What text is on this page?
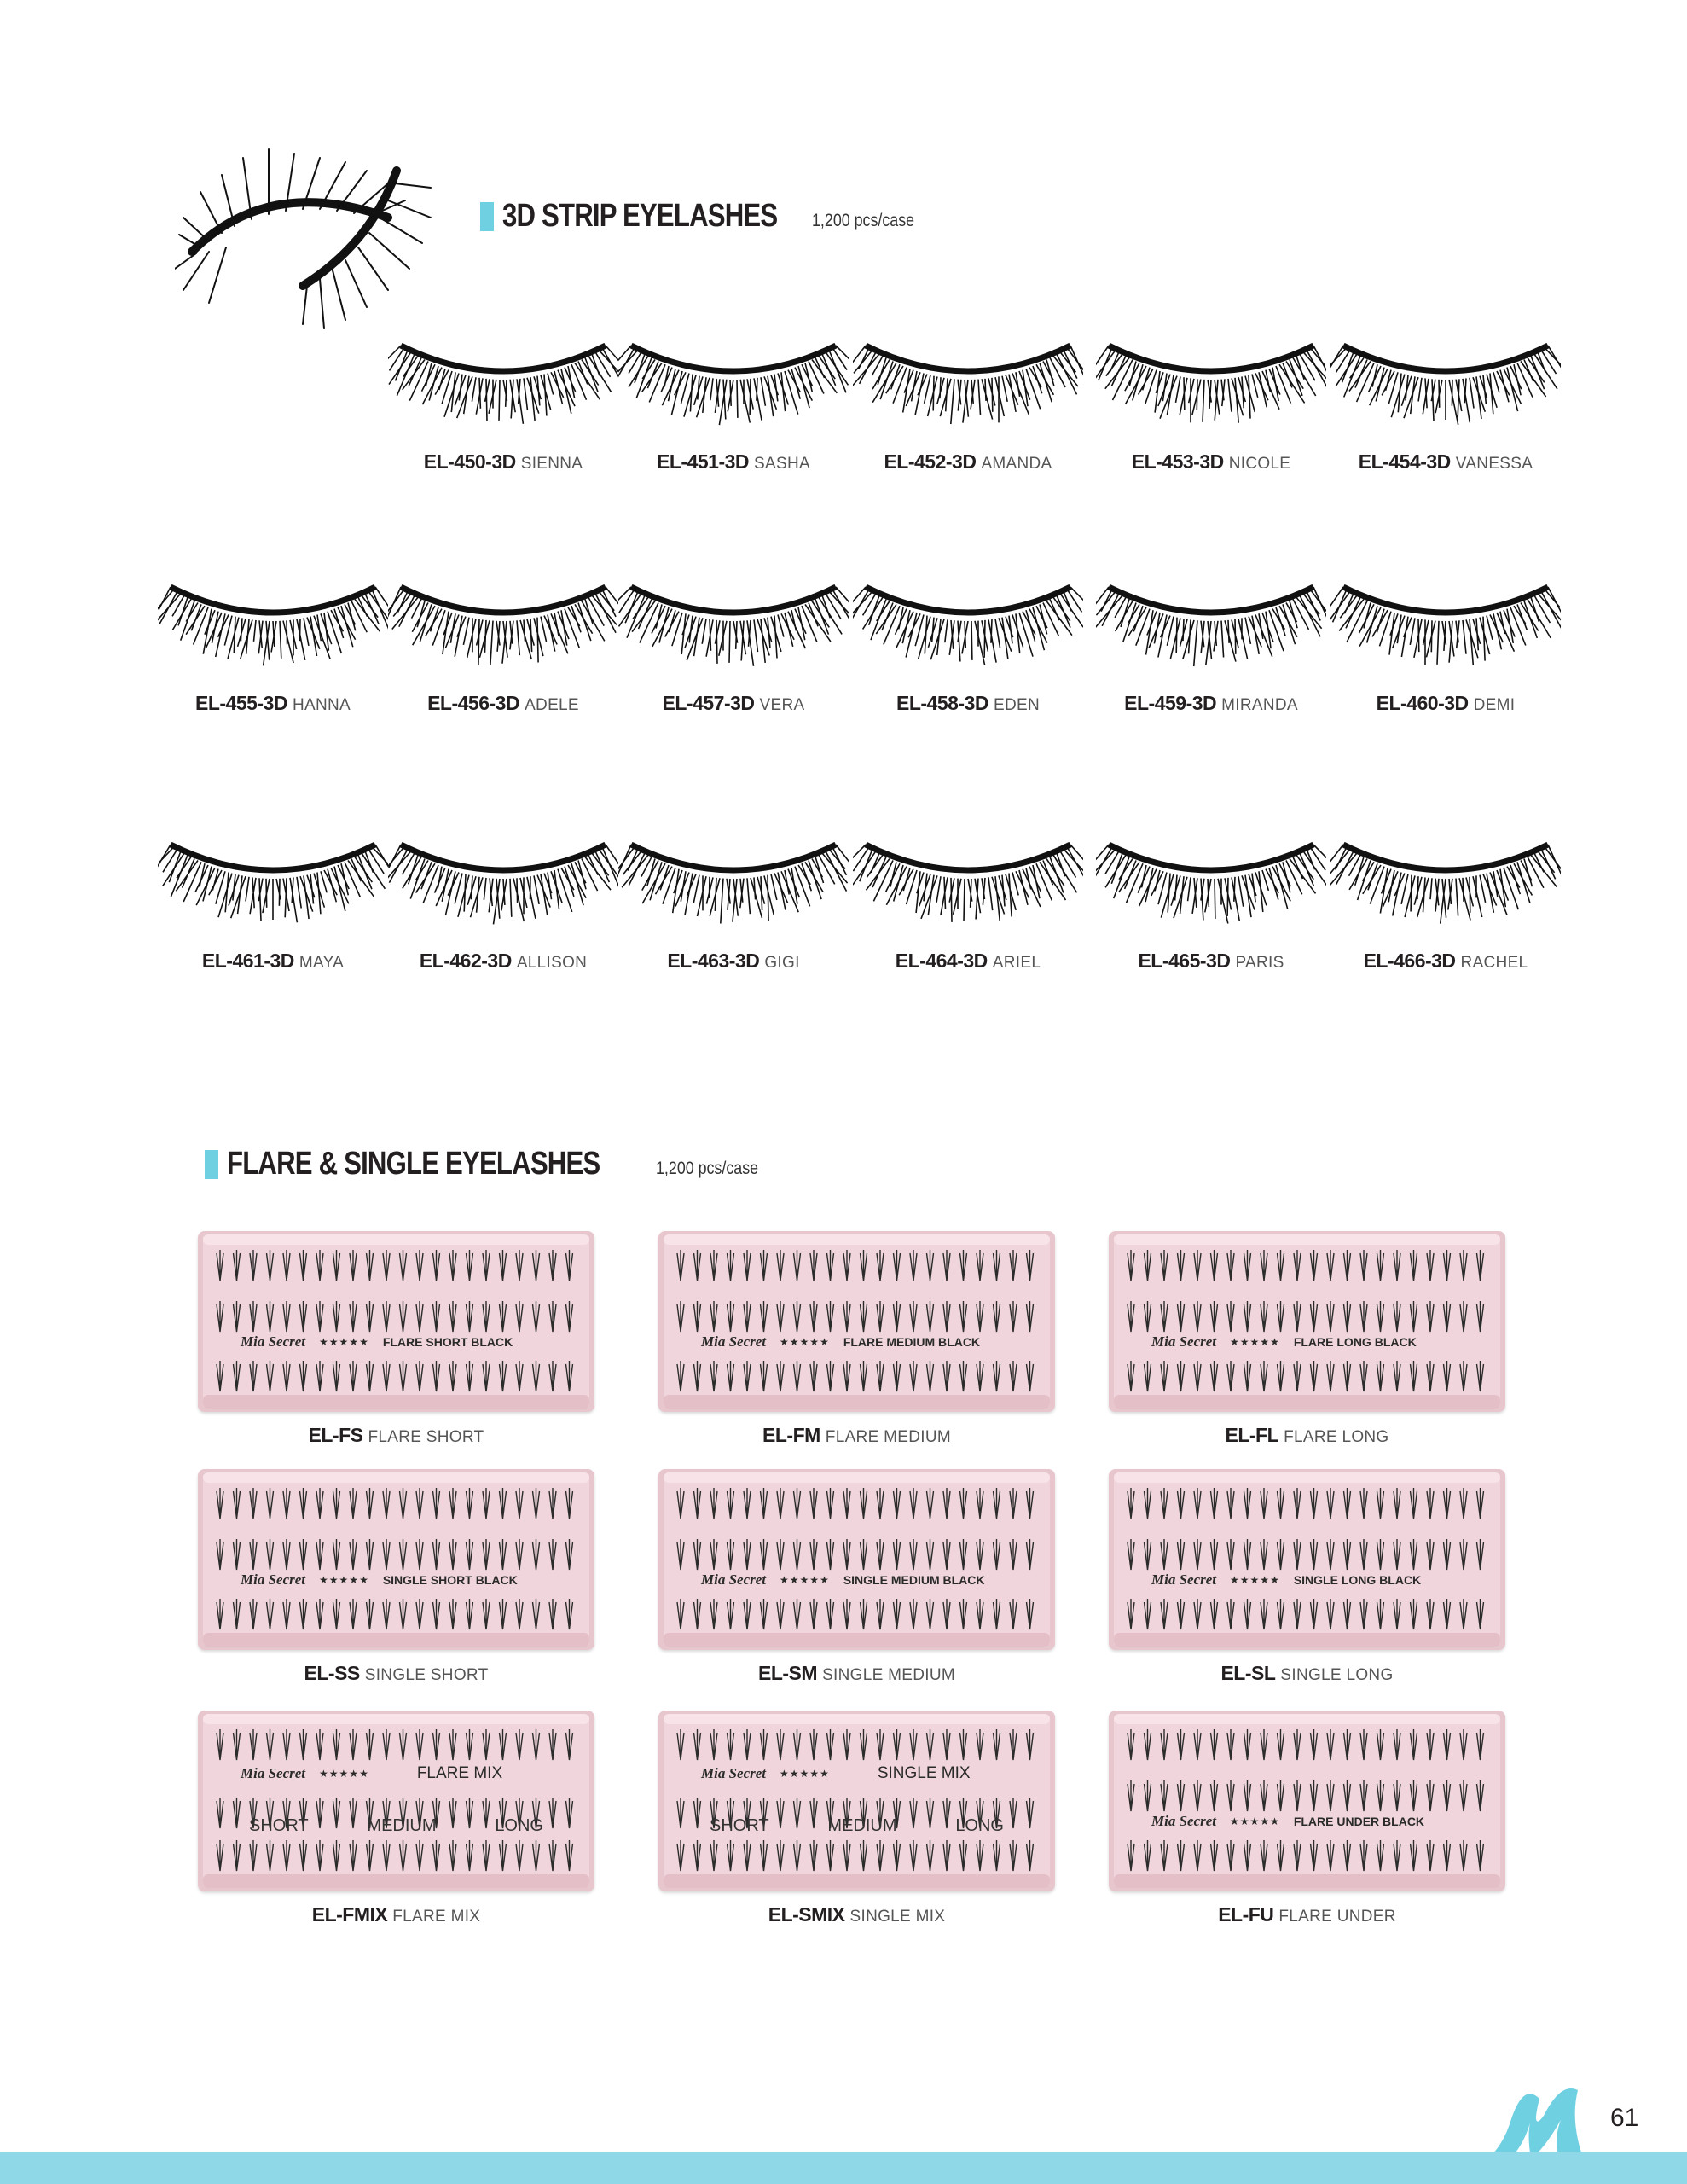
3D STRIP EYELASHES 1,200 pcs/case
EL-450-3D SIENNA	EL-451-3D SASHA	EL-452-3D AMANDA	EL-453-3D NICOLE	EL-454-3D VANESSA
EL-455-3D HANNA	EL-456-3D ADELE	EL-457-3D VERA	EL-458-3D EDEN	EL-459-3D MIRANDA	EL-460-3D DEMI
EL-461-3D MAYA	EL-462-3D ALLISON	EL-463-3D GIGI	EL-464-3D ARIEL	EL-465-3D PARIS	EL-466-3D RACHEL
FLARE & SINGLE EYELASHES	1,200 pcs/case
Mia Secret ★★★★★ FLARE SHORT BLACK
EL-FS FLARE SHORT
Mia Secret ★★★★★ FLARE MEDIUM BLACK
EL-FM FLARE MEDIUM
Mia Secret ★★★★★ FLARE LONG BLACK
EL-FL FLARE LONG
Mia Secret ★★★★★ SINGLE SHORT BLACK
EL-SS SINGLE SHORT
Mia Secret ★★★★★ SINGLE MEDIUM BLACK
EL-SM SINGLE MEDIUM
Mia Secret ★★★★★ SINGLE LONG BLACK
EL-SL SINGLE LONG
Mia Secret ★★★★★	FLARE MIX
SHORT	MEDIUM	LONG
EL-FMIX FLARE MIX
Mia Secret ★★★★★	SINGLE MIX
SHORT	MEDIUM	LONG
EL-SMIX SINGLE MIX
Mia Secret ★★★★★ FLARE UNDER BLACK
EL-FU FLARE UNDER
61
